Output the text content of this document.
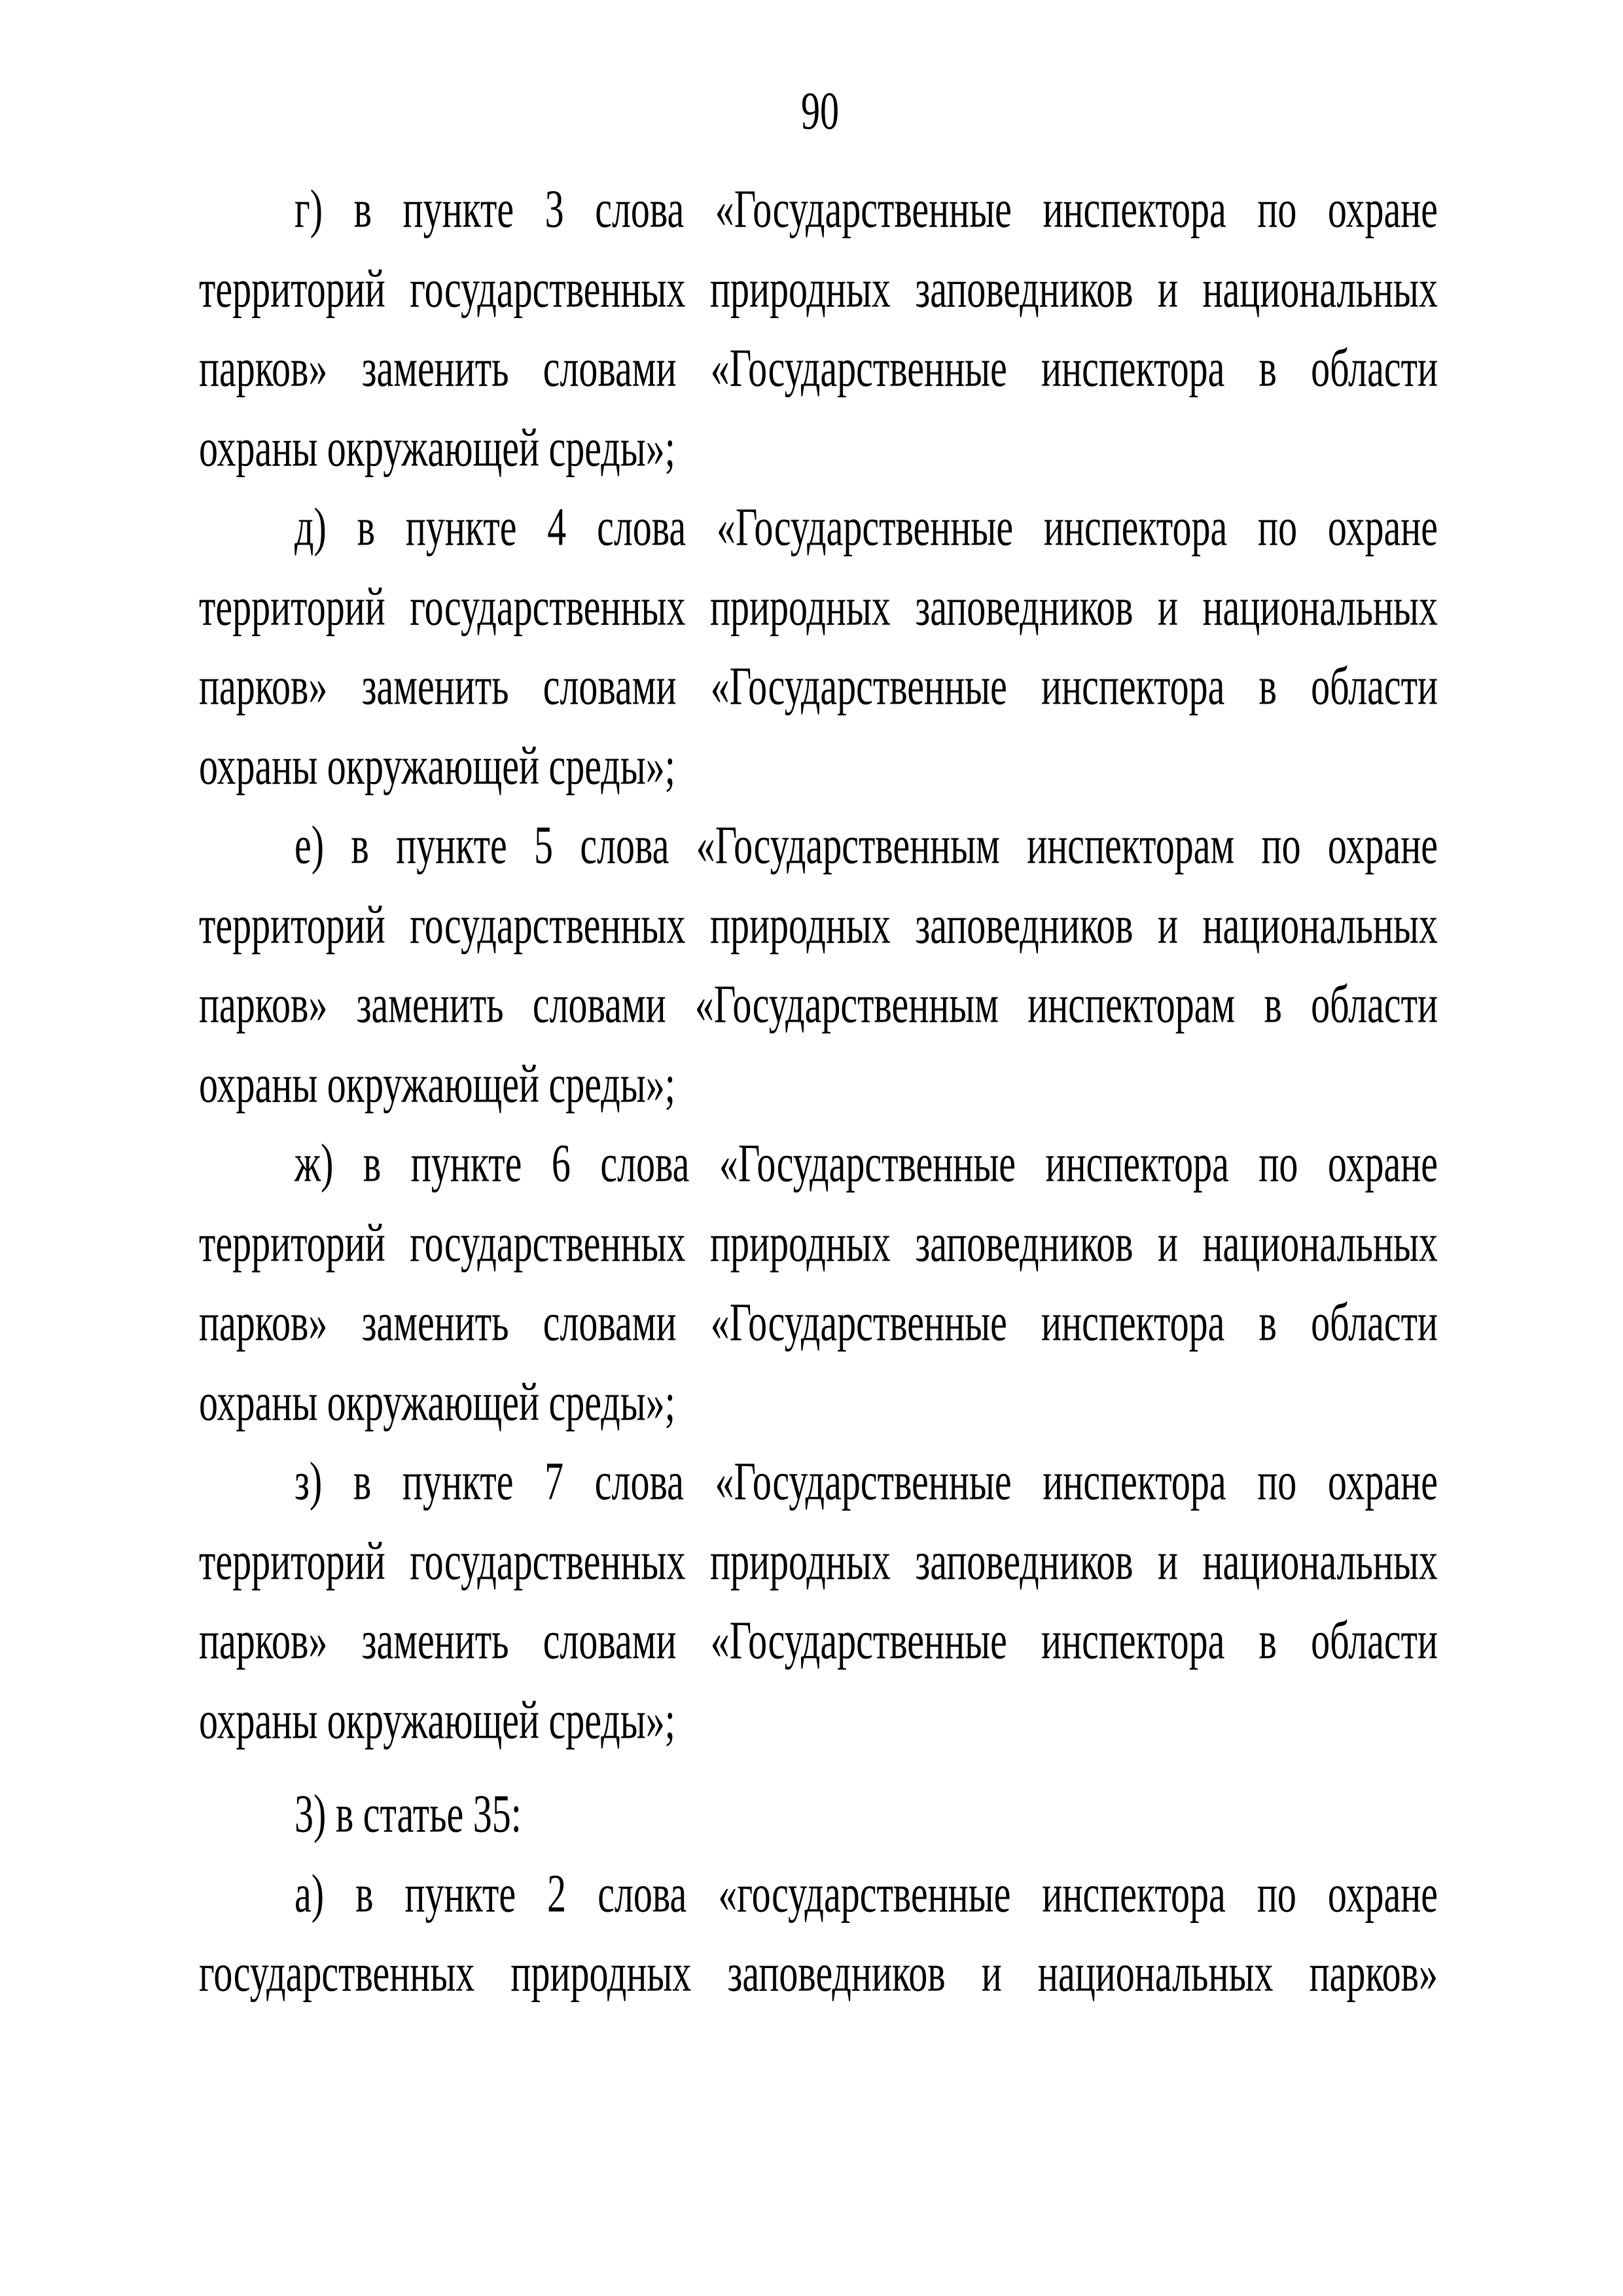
90
г) в пункте 3 слова «Государственные инспектора по охране
территорий государственных природных заповедников и национальных
парков» заменить словами «Государственные инспектора в области
охраны окружающей среды»;
д) в пункте 4 слова «Государственные инспектора по охране
территорий государственных природных заповедников и национальных
парков» заменить словами «Государственные инспектора в области
охраны окружающей среды»;
е) в пункте 5 слова «Государственным инспекторам по охране
территорий государственных природных заповедников и национальных
парков» заменить словами «Государственным инспекторам в области
охраны окружающей среды»;
ж) в пункте 6 слова «Государственные инспектора по охране
территорий государственных природных заповедников и национальных
парков» заменить словами «Государственные инспектора в области
охраны окружающей среды»;
з) в пункте 7 слова «Государственные инспектора по охране
территорий государственных природных заповедников и национальных
парков» заменить словами «Государственные инспектора в области
охраны окружающей среды»;
3) в статье 35:
а) в пункте 2 слова «государственные инспектора по охране
государственных природных заповедников и национальных парков»
